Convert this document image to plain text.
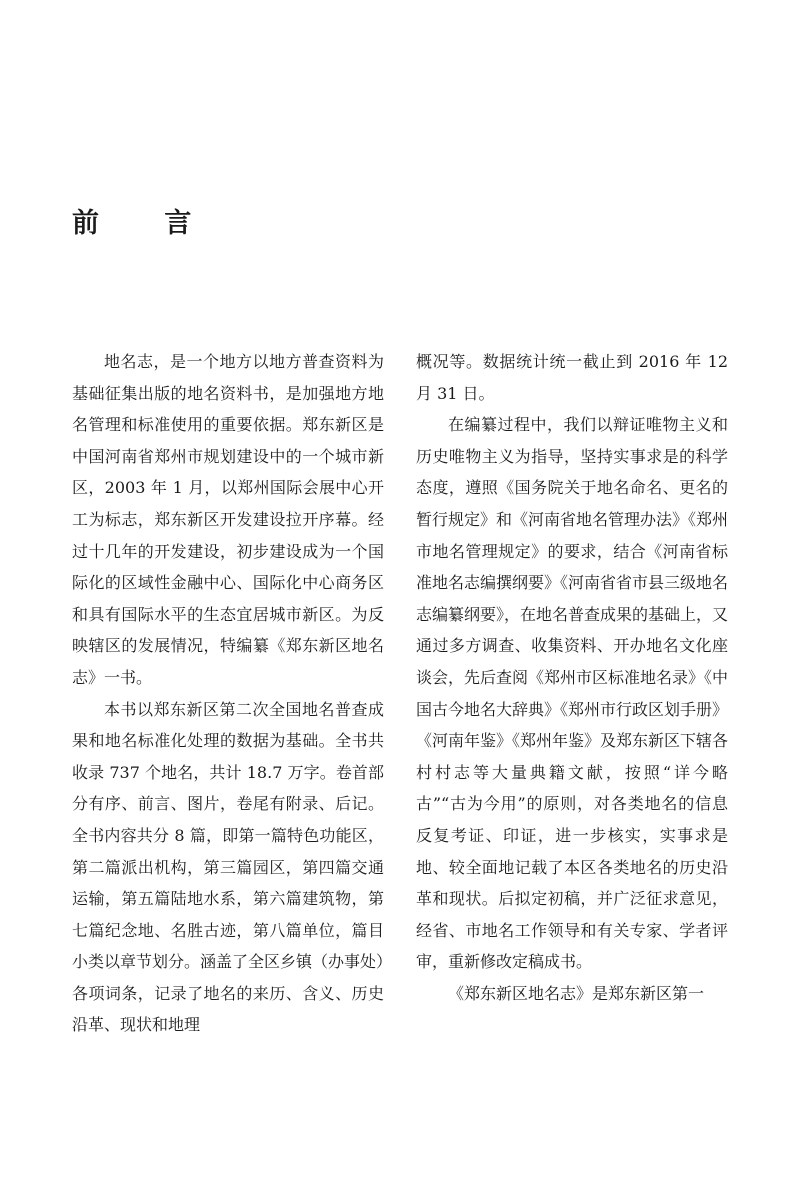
前 言

地名志，是一个地方以地方普查资料为基础征集出版的地名资料书，是加强地方地名管理和标准使用的重要依据。郑东新区是中国河南省郑州市规划建设中的一个城市新区，2003 年 1 月，以郑州国际会展中心开工为标志，郑东新区开发建设拉开序幕。经过十几年的开发建设，初步建设成为一个国际化的区域性金融中心、国际化中心商务区和具有国际水平的生态宜居城市新区。为反映辖区的发展情况，特编纂《郑东新区地名志》一书。

本书以郑东新区第二次全国地名普查成果和地名标准化处理的数据为基础。全书共收录 737 个地名，共计 18.7 万字。卷首部分有序、前言、图片，卷尾有附录、后记。全书内容共分 8 篇，即第一篇特色功能区，第二篇派出机构，第三篇园区，第四篇交通运输，第五篇陆地水系，第六篇建筑物，第七篇纪念地、名胜古迹，第八篇单位，篇目小类以章节划分。涵盖了全区乡镇（办事处）各项词条，记录了地名的来历、含义、历史沿革、现状和地理

概况等。数据统计统一截止到 2016 年 12 月 31 日。

在编纂过程中，我们以辩证唯物主义和历史唯物主义为指导，坚持实事求是的科学态度，遵照《国务院关于地名命名、更名的暂行规定》和《河南省地名管理办法》《郑州市地名管理规定》的要求，结合《河南省标准地名志编撰纲要》《河南省省市县三级地名志编纂纲要》，在地名普查成果的基础上，又通过多方调查、收集资料、开办地名文化座谈会，先后查阅《郑州市区标准地名录》《中国古今地名大辞典》《郑州市行政区划手册》《河南年鉴》《郑州年鉴》及郑东新区下辖各村村志等大量典籍文献，按照“详今略古”“古为今用”的原则，对各类地名的信息反复考证、印证，进一步核实，实事求是地、较全面地记载了本区各类地名的历史沿革和现状。后拟定初稿，并广泛征求意见，经省、市地名工作领导和有关专家、学者评审，重新修改定稿成书。

《郑东新区地名志》是郑东新区第一
